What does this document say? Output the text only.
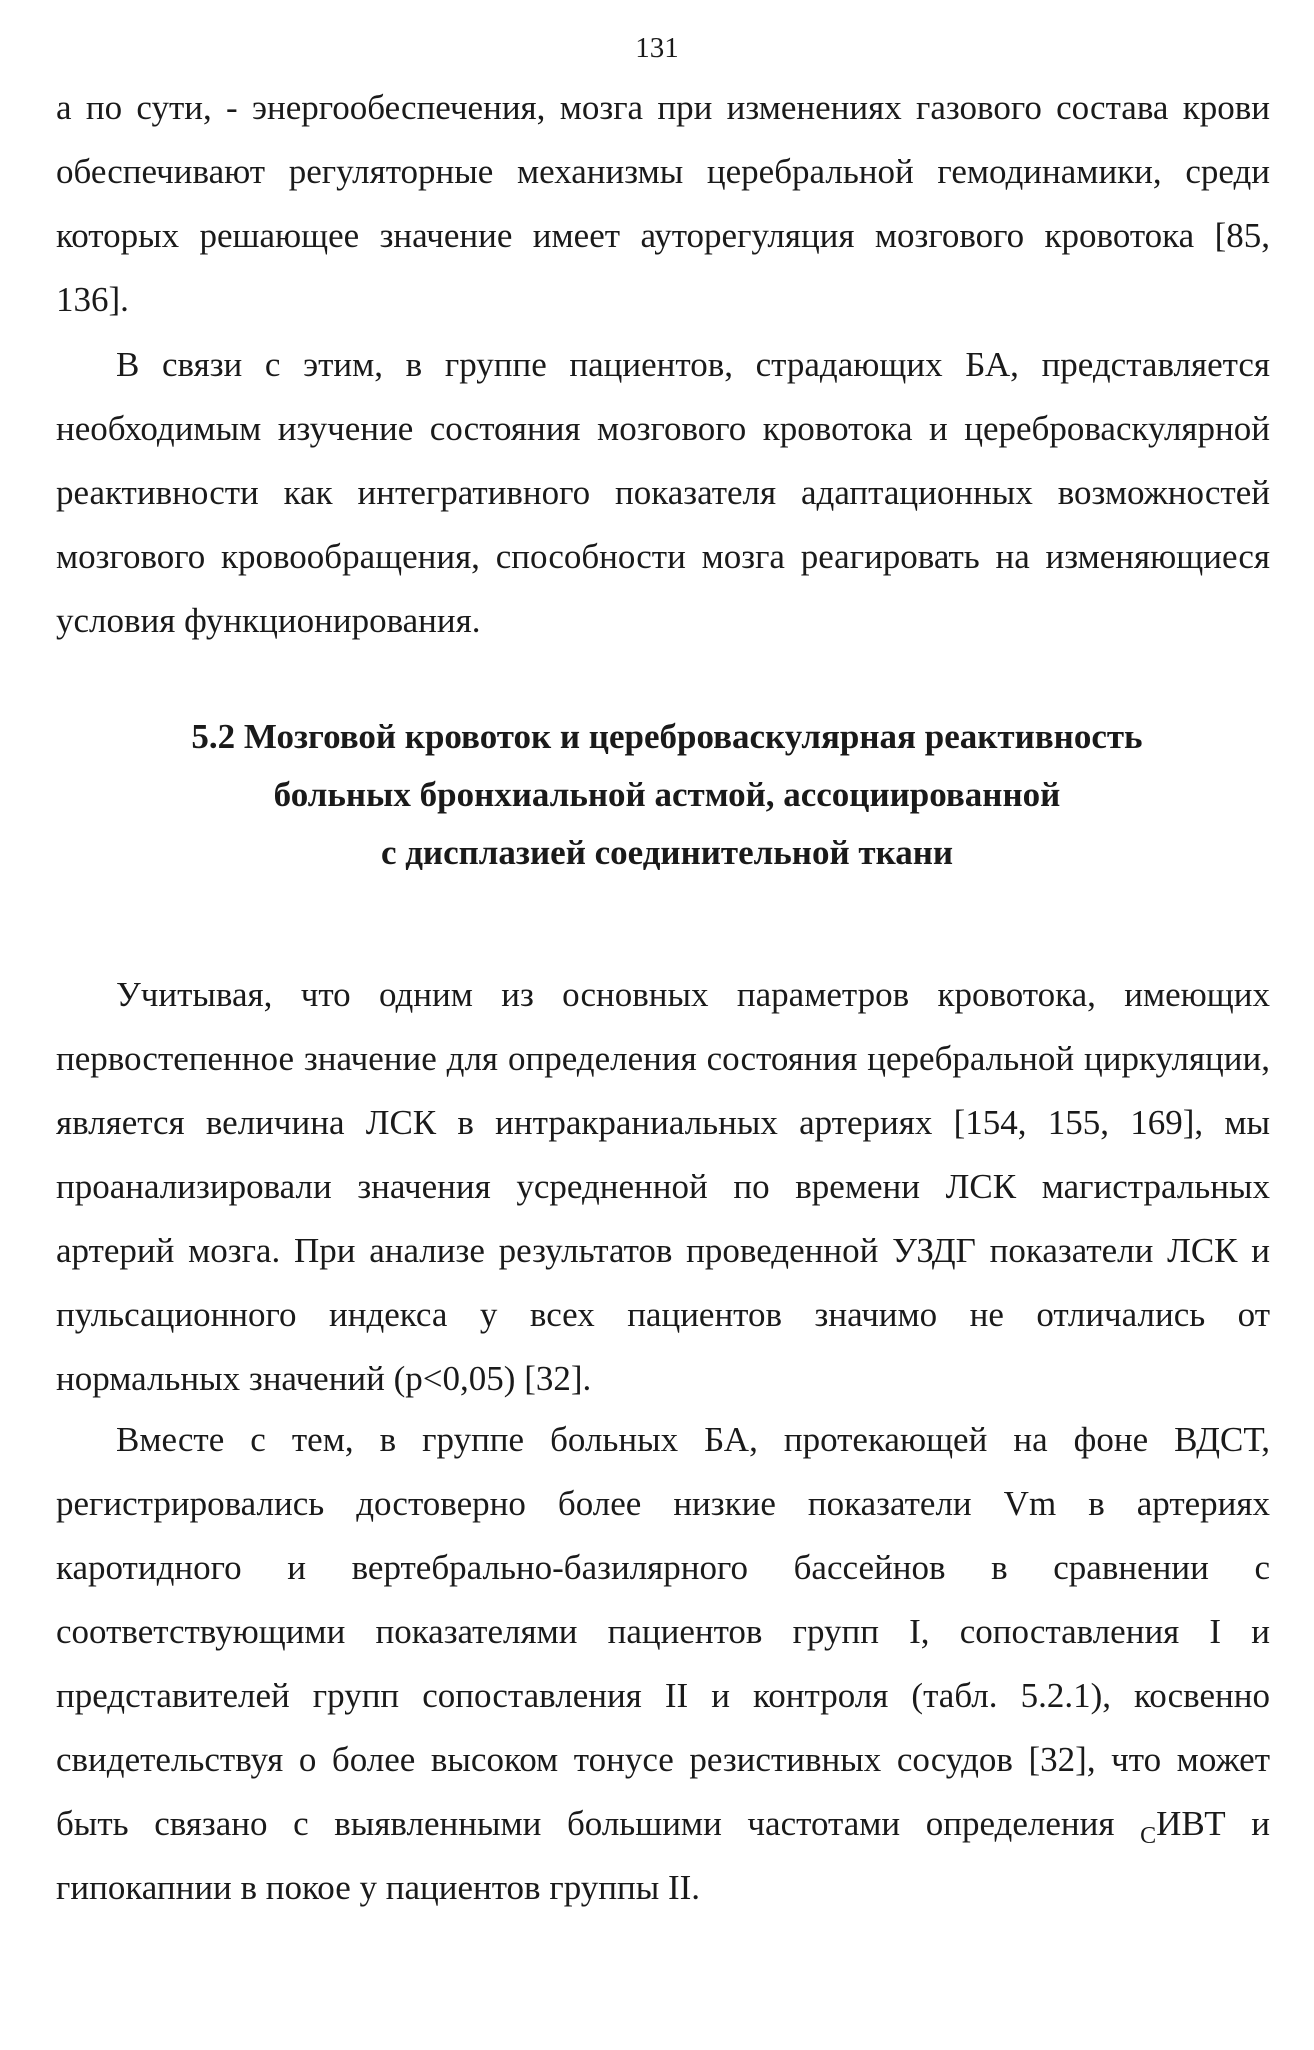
131

а по сути, - энергообеспечения, мозга при изменениях газового состава крови обеспечивают регуляторные механизмы церебральной гемодинамики, среди которых решающее значение имеет ауторегуляция мозгового кровотока [85, 136].

В связи с этим, в группе пациентов, страдающих БА, представляется необходимым изучение состояния мозгового кровотока и цереброваскулярной реактивности как интегративного показателя адаптационных возможностей мозгового кровообращения, способности мозга реагировать на изменяющиеся условия функционирования.

5.2 Мозговой кровоток и цереброваскулярная реактивность
больных бронхиальной астмой, ассоциированной
с дисплазией соединительной ткани

Учитывая, что одним из основных параметров кровотока, имеющих первостепенное значение для определения состояния церебральной циркуляции, является величина ЛСК в интракраниальных артериях [154, 155, 169], мы проанализировали значения усредненной по времени ЛСК магистральных артерий мозга. При анализе результатов проведенной УЗДГ показатели ЛСК и пульсационного индекса у всех пациентов значимо не отличались от нормальных значений (p<0,05) [32].

Вместе с тем, в группе больных БА, протекающей на фоне ВДСТ, регистрировались достоверно более низкие показатели Vm в артериях каротидного и вертебрально-базилярного бассейнов в сравнении с соответствующими показателями пациентов групп I, сопоставления I и представителей групп сопоставления II и контроля (табл. 5.2.1), косвенно свидетельствуя о более высоком тонусе резистивных сосудов [32], что может быть связано с выявленными большими частотами определения $_С$ИВТ и гипокапнии в покое у пациентов группы II.
